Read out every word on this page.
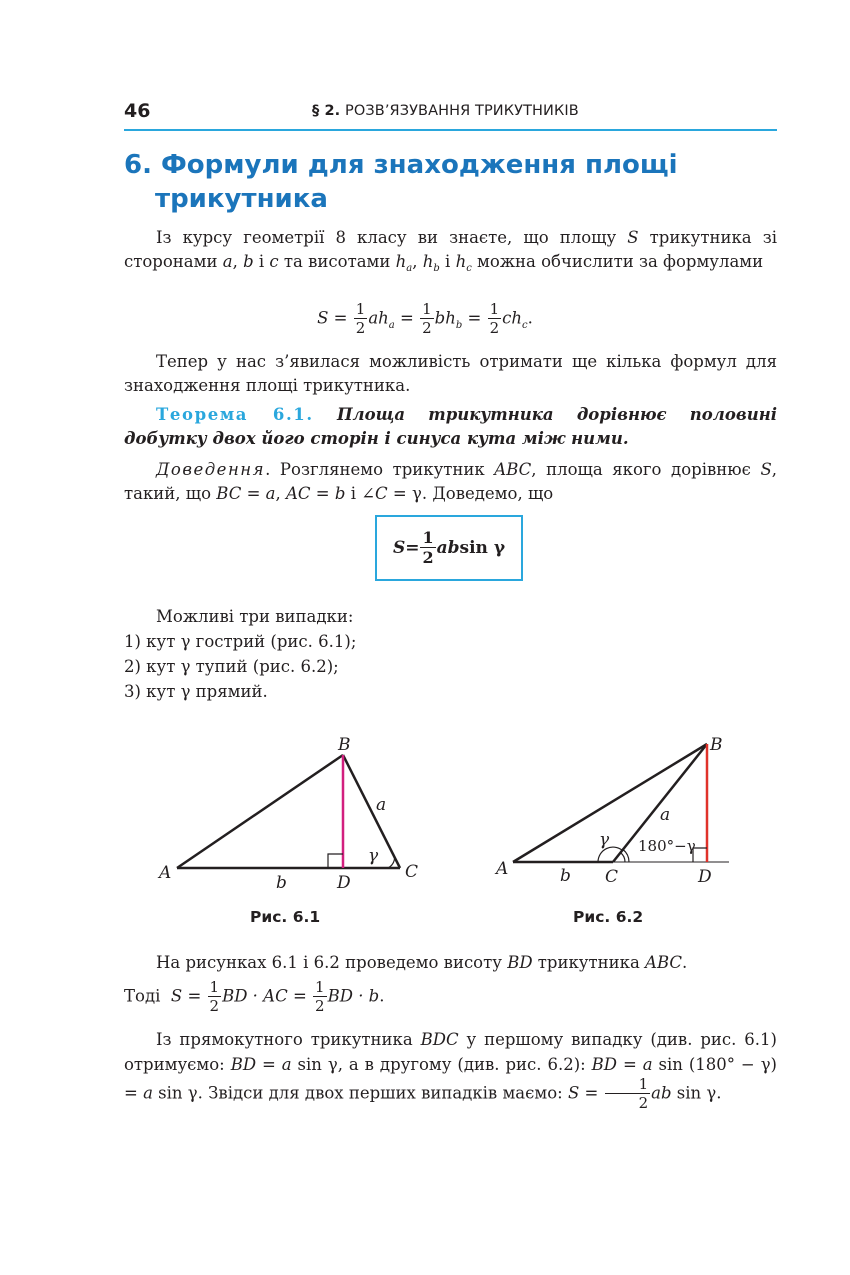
46	§ 2. РОЗВ’ЯЗУВАННЯ ТРИКУТНИКІВ
6. Формули для знаходження площі
трикутника

Із курсу геометрії 8 класу ви знаєте, що площу S трикутника зі сторонами a, b і c та висотами $h_a$, $h_b$ і $h_c$ можна обчислити за формулами

$S = \frac{1}{2} ah_a = \frac{1}{2} bh_b = \frac{1}{2} ch_c$.

Тепер у нас з’явилася можливість отримати ще кілька формул для знаходження площі трикутника.

Теорема 6.1. Площа трикутника дорівнює половині добутку двох його сторін і синуса кута між ними.

Доведення. Розглянемо трикутник ABC, площа якого дорівнює S, такий, що BC = a, AC = b і ∠C = γ. Доведемо, що

$S = \frac{1}{2}$ ab sin γ

Можливі три випадки:
1) кут γ гострий (рис. 6.1);
2) кут γ тупий (рис. 6.2);
3) кут γ прямий.

A
B
C
D
a
b
γ
Рис. 6.1
A
B
C	D
a
b
γ 180°−γ
Рис. 6.2

На рисунках 6.1 і 6.2 проведемо висоту BD трикутника ABC.

Тоді $S = \frac{1}{2}$ BD · AC = $\frac{1}{2}$ BD · b.

Із прямокутного трикутника BDC у першому випадку (див. рис. 6.1) отримуємо: BD = a sin γ, а в другому (див. рис. 6.2): BD = a sin (180° − γ) = a sin γ. Звідси для двох перших випадків маємо: $S = \frac{1}{2}$ ab sin γ.
